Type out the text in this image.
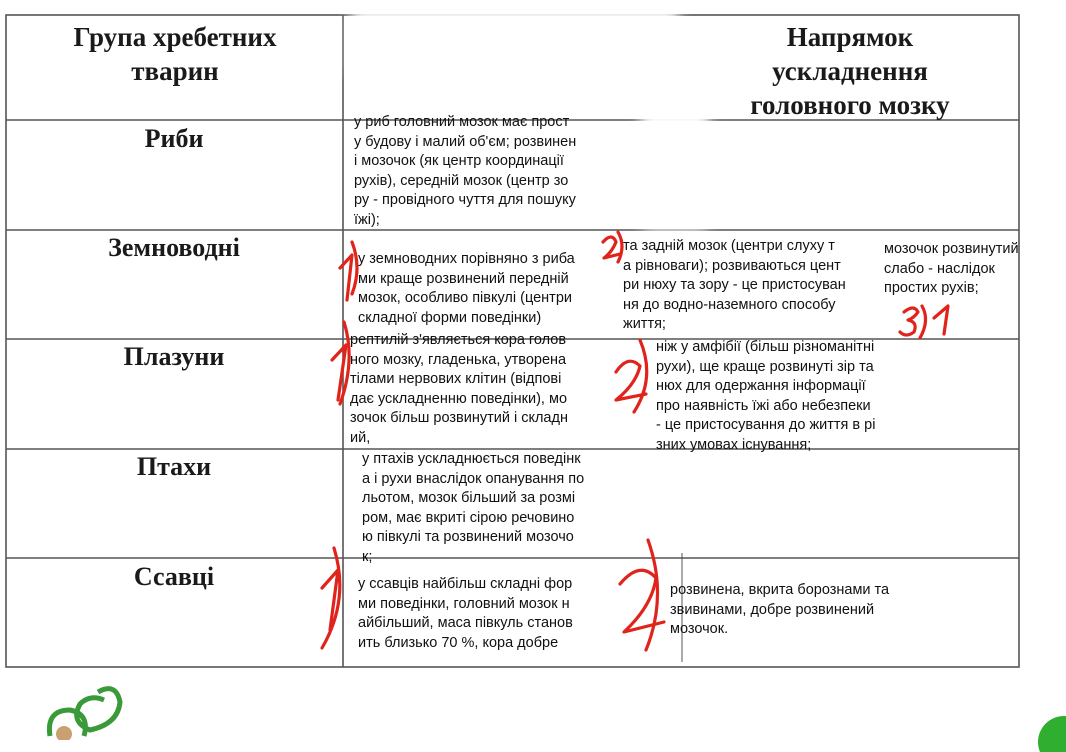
Група хребетних
тварин
Напрямок
ускладнення
головного мозку
Риби
Земноводні
Плазуни
Птахи
Ссавці
у риб головний мозок має прост
у будову і малий об'єм; розвинен
і мозочок (як центр координації
рухів), середній мозок (центр зо
ру - провідного чуття для пошуку
їжі);
у земноводних порівняно з риба
ми краще розвинений передній
мозок, особливо півкулі (центри
складної форми поведінки)
та задній мозок (центри слуху т
а рівноваги); розвиваються цент
ри нюху та зору - це пристосуван
ня до водно-наземного способу
життя;
мозочок розвинутий
слабо - наслідок
простих рухів;
рептилій з'являється кора голов
ного мозку, гладенька, утворена
тілами нервових клітин (відпові
дає ускладненню поведінки), мо
зочок більш розвинутий і складн
ий,
ніж у амфібії (більш різноманітні
рухи), ще краще розвинуті зір та
нюх для одержання інформації
про наявність їжі або небезпеки
- це пристосування до життя в рі
зних умовах існування;
у птахів ускладнюється поведінк
а і рухи внаслідок опанування по
льотом, мозок більший за розмі
ром, має вкриті сірою речовино
ю півкулі та розвинений мозочо
к;
у ссавців найбільш складні фор
ми поведінки, головний мозок н
айбільший, маса півкуль станов
ить близько 70 %, кора добре
розвинена, вкрита борознами та
звивинами, добре розвинений
мозочок.
